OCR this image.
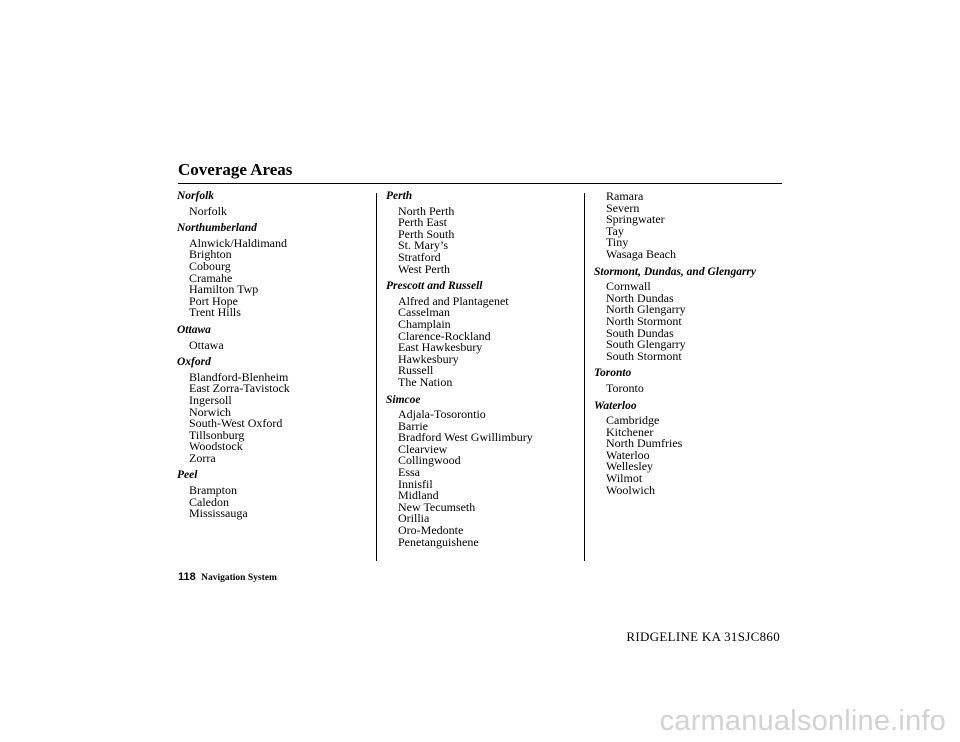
Coverage Areas
Norfolk
Norfolk
Northumberland
Alnwick/Haldimand
Brighton
Cobourg
Cramahe
Hamilton Twp
Port Hope
Trent Hills
Ottawa
Ottawa
Oxford
Blandford-Blenheim
East Zorra-Tavistock
Ingersoll
Norwich
South-West Oxford
Tillsonburg
Woodstock
Zorra
Peel
Brampton
Caledon
Mississauga
Perth
North Perth
Perth East
Perth South
St. Mary’s
Stratford
West Perth
Prescott and Russell
Alfred and Plantagenet
Casselman
Champlain
Clarence-Rockland
East Hawkesbury
Hawkesbury
Russell
The Nation
Simcoe
Adjala-Tosorontio
Barrie
Bradford West Gwillimbury
Clearview
Collingwood
Essa
Innisfil
Midland
New Tecumseth
Orillia
Oro-Medonte
Penetanguishene
Ramara
Severn
Springwater
Tay
Tiny
Wasaga Beach
Stormont, Dundas, and Glengarry
Cornwall
North Dundas
North Glengarry
North Stormont
South Dundas
South Glengarry
South Stormont
Toronto
Toronto
Waterloo
Cambridge
Kitchener
North Dumfries
Waterloo
Wellesley
Wilmot
Woolwich
118 Navigation System
RIDGELINE KA 31SJC860
carmanualsonline.info
